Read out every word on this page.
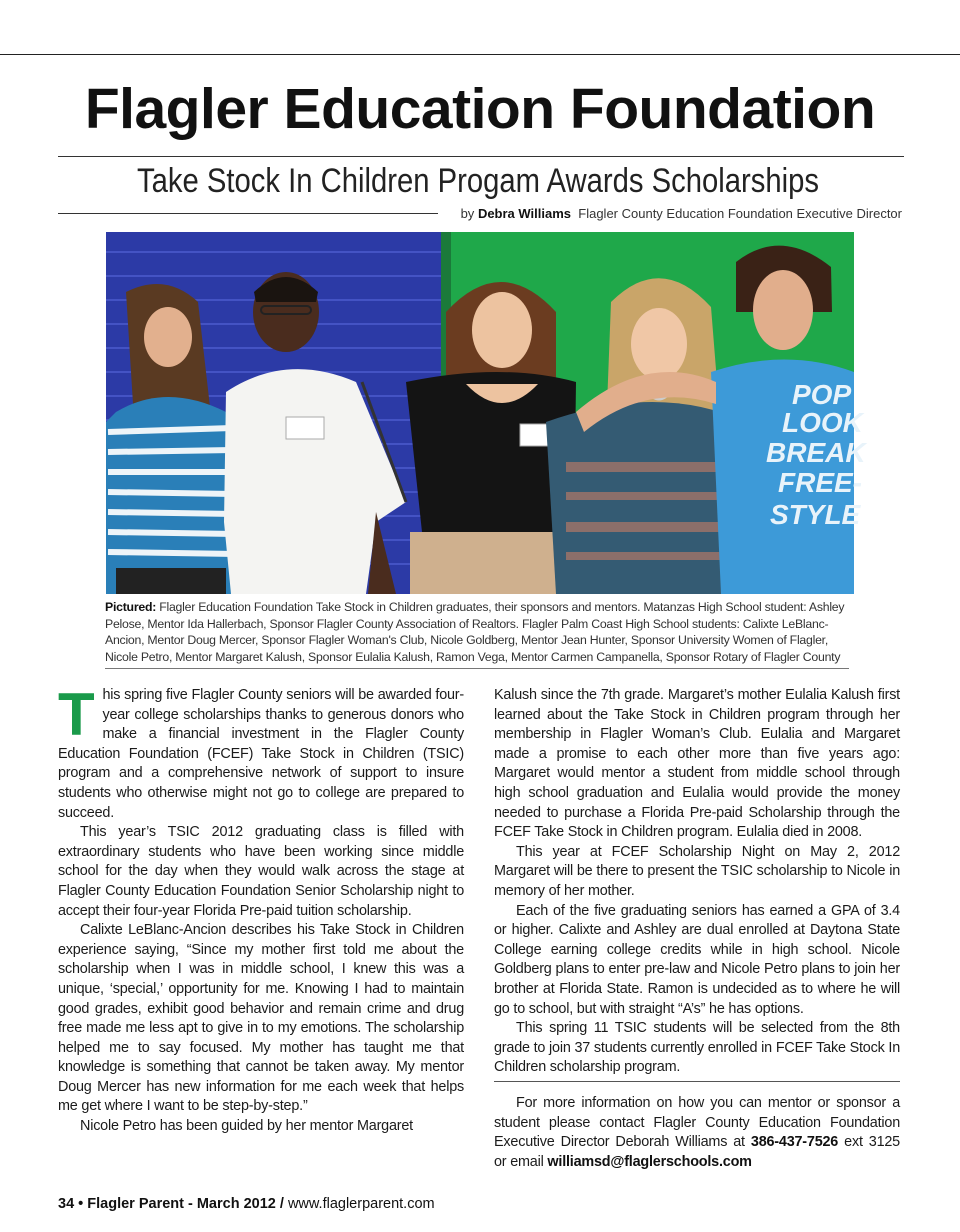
Flagler Education Foundation
Take Stock In Children Progam Awards Scholarships
by Debra Williams Flagler County Education Foundation Executive Director
POP
LOOK
BREAK
FREE-
STYLE
Pictured: Flagler Education Foundation Take Stock in Children graduates, their sponsors and mentors. Matanzas High School student: Ashley Pelose, Mentor Ida Hallerbach, Sponsor Flagler County Association of Realtors. Flagler Palm Coast High School students: Calixte LeBlanc-Ancion, Mentor Doug Mercer, Sponsor Flagler Woman's Club, Nicole Goldberg, Mentor Jean Hunter, Sponsor University Women of Flagler, Nicole Petro, Mentor Margaret Kalush, Sponsor Eulalia Kalush, Ramon Vega, Mentor Carmen Campanella, Sponsor Rotary of Flagler County

This spring five Flagler County seniors will be awarded four-year college scholarships thanks to generous donors who make a financial investment in the Flagler County Education Foundation (FCEF) Take Stock in Children (TSIC) program and a comprehensive network of support to insure students who otherwise might not go to college are prepared to succeed.

This year’s TSIC 2012 graduating class is filled with extraordinary students who have been working since middle school for the day when they would walk across the stage at Flagler County Education Foundation Senior Scholarship night to accept their four-year Florida Pre-paid tuition scholarship.

Calixte LeBlanc-Ancion describes his Take Stock in Children experience saying, “Since my mother first told me about the scholarship when I was in middle school, I knew this was a unique, ‘special,’ opportunity for me. Knowing I had to maintain good grades, exhibit good behavior and remain crime and drug free made me less apt to give in to my emotions. The scholarship helped me to say focused. My mother has taught me that knowledge is something that cannot be taken away. My mentor Doug Mercer has new information for me each week that helps me get where I want to be step-by-step.”

Nicole Petro has been guided by her mentor Margaret

Kalush since the 7th grade. Margaret’s mother Eulalia Kalush first learned about the Take Stock in Children program through her membership in Flagler Woman’s Club. Eulalia and Margaret made a promise to each other more than five years ago: Margaret would mentor a student from middle school through high school graduation and Eulalia would provide the money needed to purchase a Florida Pre-paid Scholarship through the FCEF Take Stock in Children program. Eulalia died in 2008.

This year at FCEF Scholarship Night on May 2, 2012 Margaret will be there to present the TSIC scholarship to Nicole in memory of her mother.

Each of the five graduating seniors has earned a GPA of 3.4 or higher. Calixte and Ashley are dual enrolled at Daytona State College earning college credits while in high school. Nicole Goldberg plans to enter pre-law and Nicole Petro plans to join her brother at Florida State. Ramon is undecided as to where he will go to school, but with straight “A’s” he has options.

This spring 11 TSIC students will be selected from the 8th grade to join 37 students currently enrolled in FCEF Take Stock In Children scholarship program.

For more information on how you can mentor or sponsor a student please contact Flagler County Education Foundation Executive Director Deborah Williams at 386-437-7526 ext 3125 or email williamsd@flaglerschools.com

34 • Flagler Parent - March 2012 / www.flaglerparent.com
